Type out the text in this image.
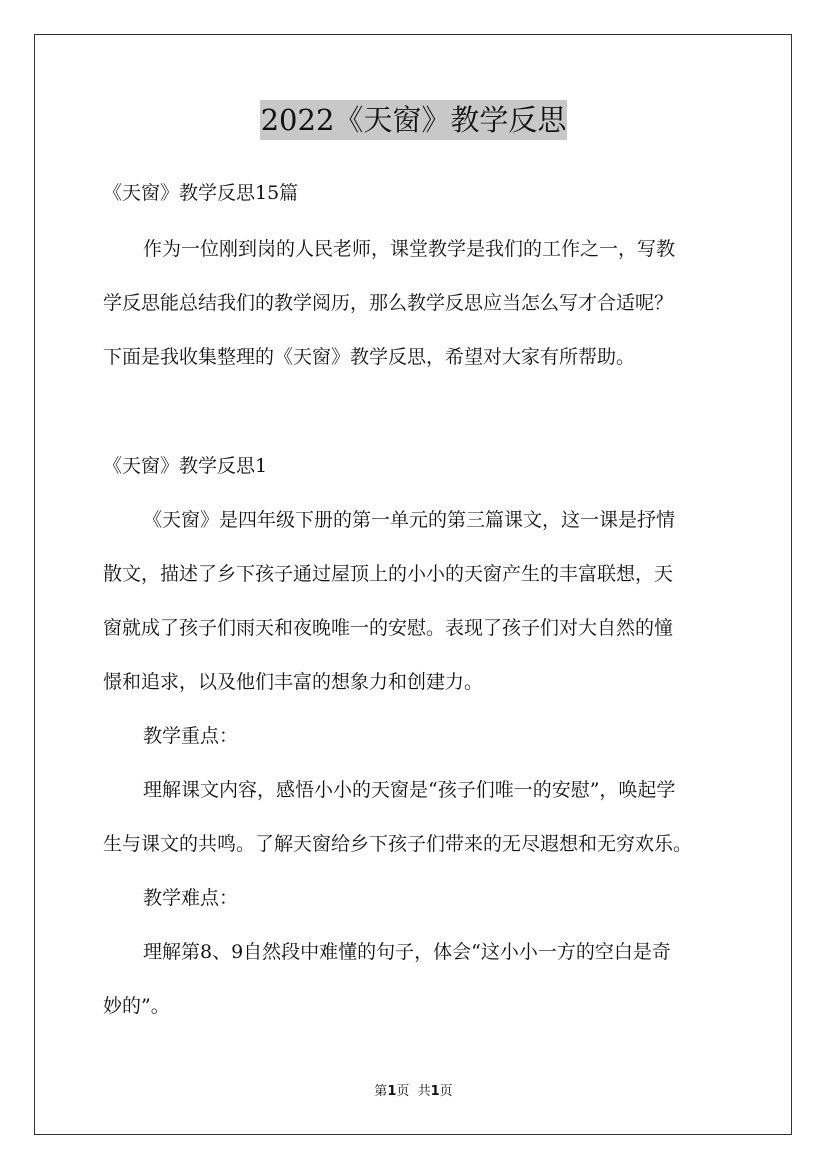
2022《天窗》教学反思
《天窗》教学反思15篇
作为一位刚到岗的人民老师，课堂教学是我们的工作之一，写教
学反思能总结我们的教学阅历，那么教学反思应当怎么写才合适呢？
下面是我收集整理的《天窗》教学反思，希望对大家有所帮助。
《天窗》教学反思1
《天窗》是四年级下册的第一单元的第三篇课文，这一课是抒情
散文，描述了乡下孩子通过屋顶上的小小的天窗产生的丰富联想，天
窗就成了孩子们雨天和夜晚唯一的安慰。表现了孩子们对大自然的憧
憬和追求，以及他们丰富的想象力和创建力。
教学重点：
理解课文内容，感悟小小的天窗是“孩子们唯一的安慰”，唤起学
生与课文的共鸣。了解天窗给乡下孩子们带来的无尽遐想和无穷欢乐。
教学难点：
理解第8、9自然段中难懂的句子，体会“这小小一方的空白是奇
妙的”。
第1页  共1页
